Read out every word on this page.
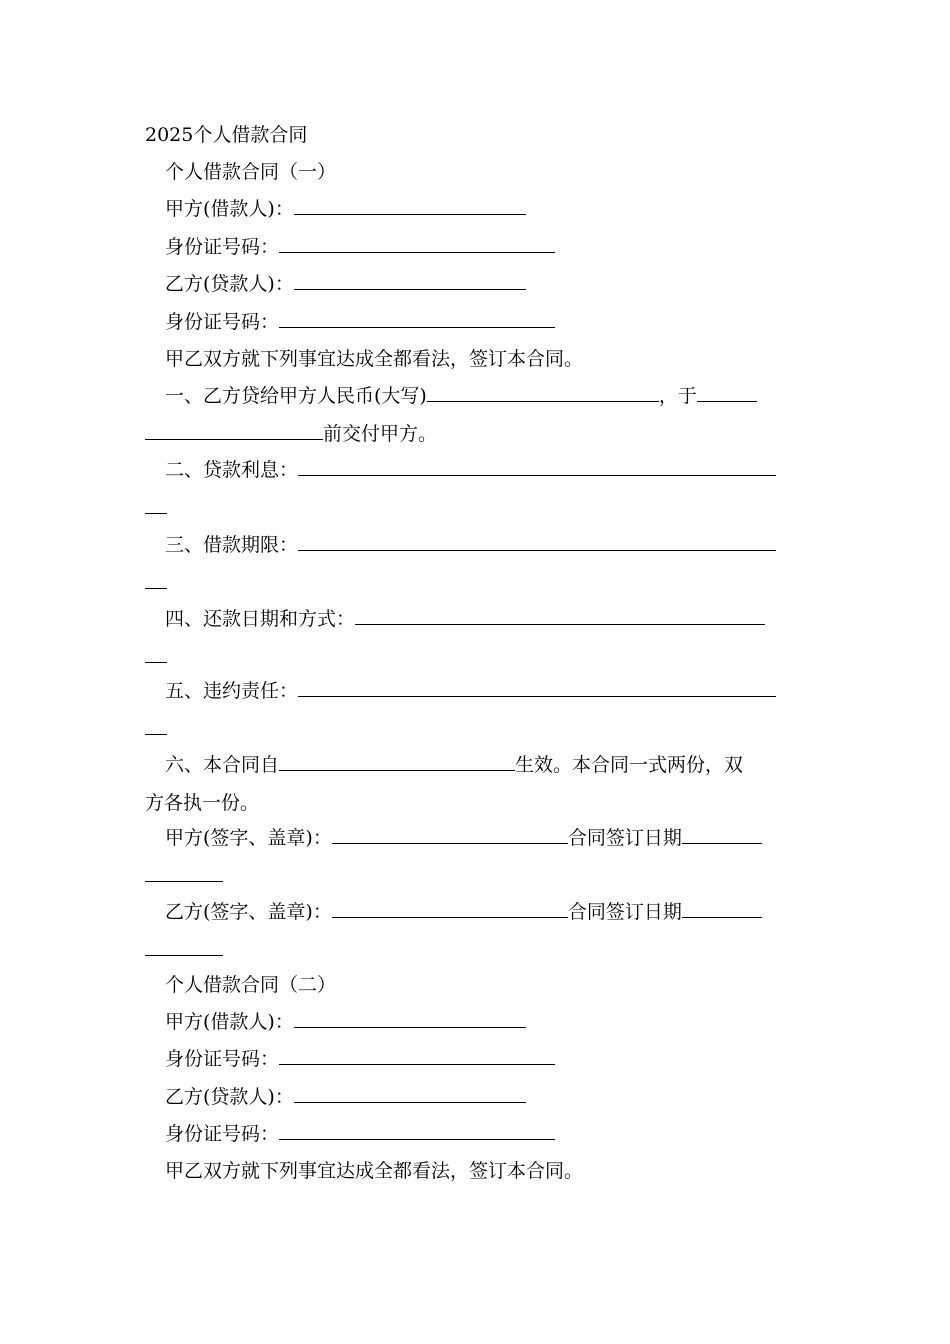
2025个人借款合同
个人借款合同（一）
甲方(借款人)：
身份证号码：
乙方(贷款人)：
身份证号码：
甲乙双方就下列事宜达成全都看法，签订本合同。
一、乙方贷给甲方人民币(大写)	，于
前交付甲方。
二、贷款利息：
三、借款期限：
四、还款日期和方式：
五、违约责任：
六、本合同自	生效。本合同一式两份，双
方各执一份。
甲方(签字、盖章)：	合同签订日期
乙方(签字、盖章)：	合同签订日期
个人借款合同（二）
甲方(借款人)：
身份证号码：
乙方(贷款人)：
身份证号码：
甲乙双方就下列事宜达成全都看法，签订本合同。
